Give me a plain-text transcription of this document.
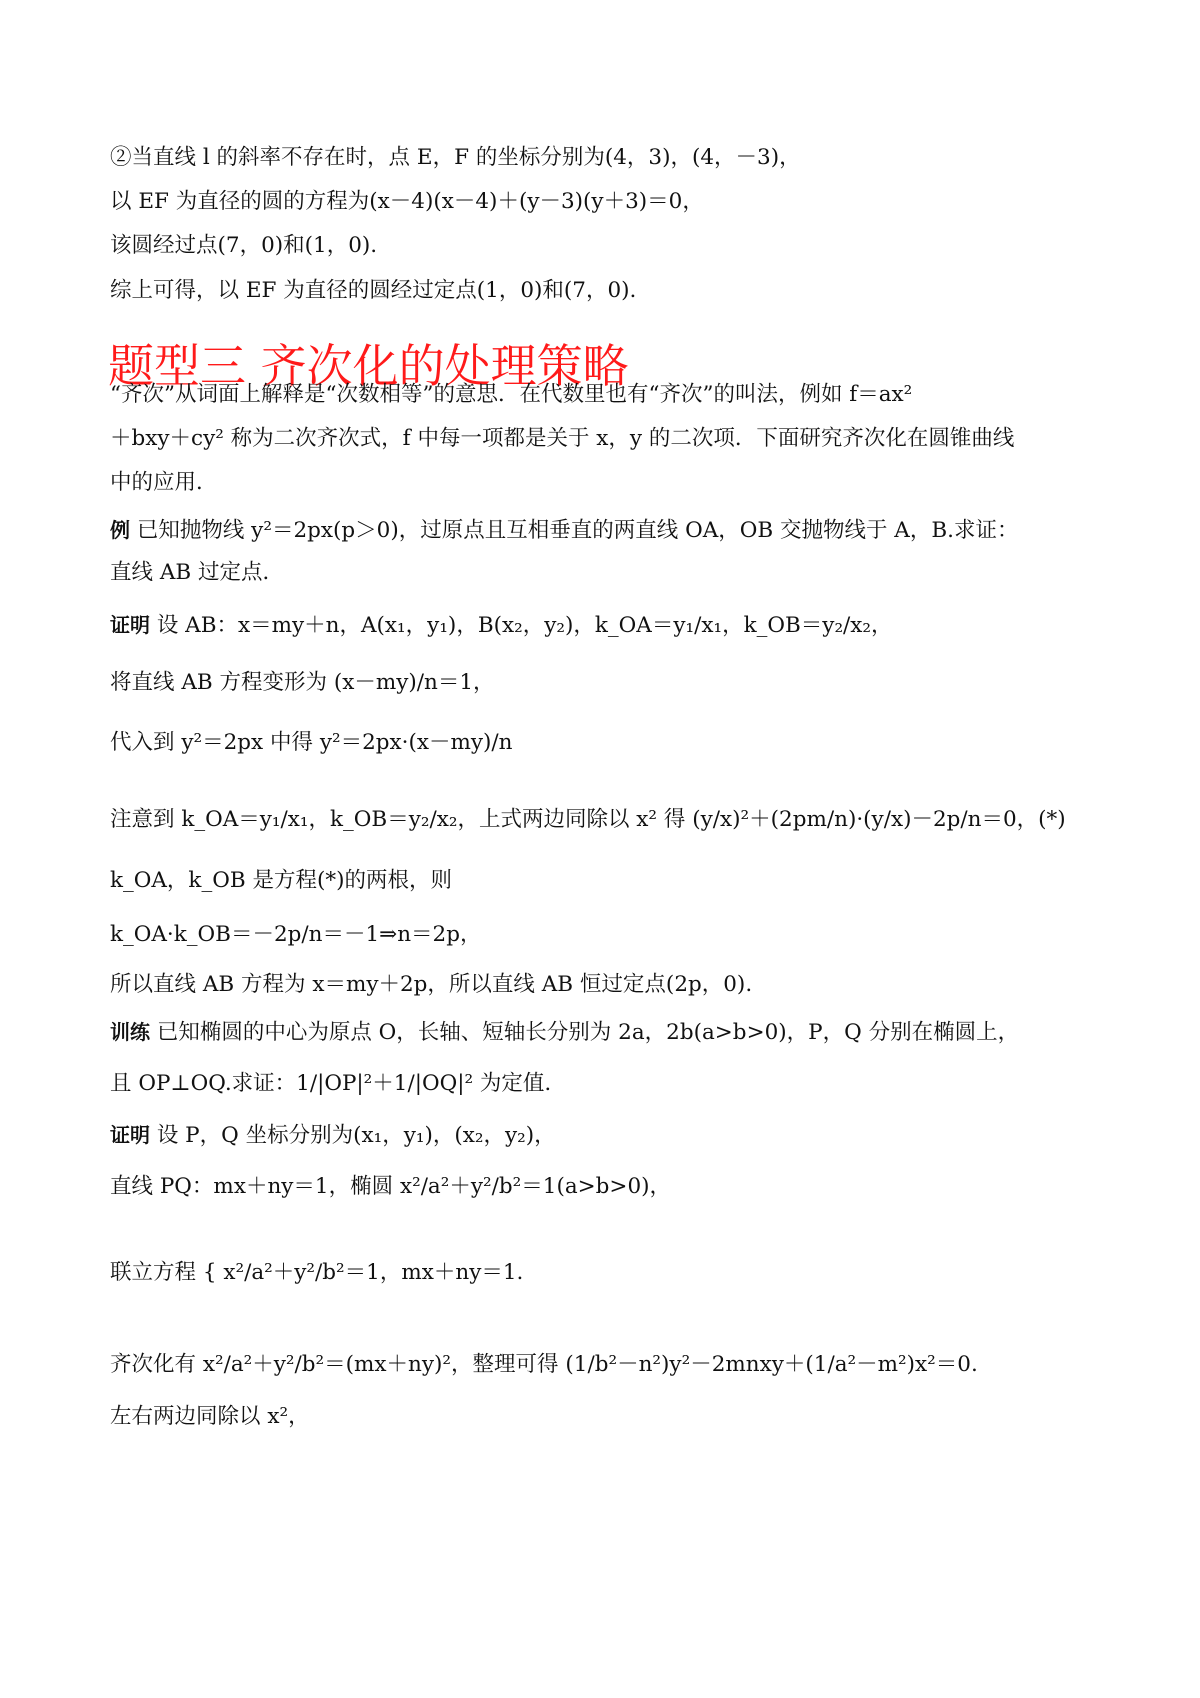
②当直线 l 的斜率不存在时，点 E，F 的坐标分别为(4，3)，(4，－3)，
以 EF 为直径的圆的方程为(x－4)(x－4)＋(y－3)(y＋3)＝0，
该圆经过点(7，0)和(1，0).
综上可得，以 EF 为直径的圆经过定点(1，0)和(7，0).
题型三 齐次化的处理策略
“齐次”从词面上解释是“次数相等”的意思．在代数里也有“齐次”的叫法，例如 f＝ax²
＋bxy＋cy² 称为二次齐次式，f 中每一项都是关于 x，y 的二次项．下面研究齐次化在圆锥曲线
中的应用．
例 已知抛物线 y²＝2px(p＞0)，过原点且互相垂直的两直线 OA，OB 交抛物线于 A，B.求证：
直线 AB 过定点．
证明 设 AB：x＝my＋n，A(x₁，y₁)，B(x₂，y₂)，k_OA＝y₁/x₁，k_OB＝y₂/x₂，
将直线 AB 方程变形为 (x－my)/n＝1，
代入到 y²＝2px 中得 y²＝2px·(x－my)/n
注意到 k_OA＝y₁/x₁，k_OB＝y₂/x₂，上式两边同除以 x² 得 (y/x)²＋(2pm/n)·(y/x)－2p/n＝0，(*)
k_OA，k_OB 是方程(*)的两根，则
k_OA·k_OB＝－2p/n＝－1⇒n＝2p，
所以直线 AB 方程为 x＝my＋2p，所以直线 AB 恒过定点(2p，0).
训练 已知椭圆的中心为原点 O，长轴、短轴长分别为 2a，2b(a>b>0)，P，Q 分别在椭圆上，
且 OP⊥OQ.求证：1/|OP|²＋1/|OQ|² 为定值.
证明 设 P，Q 坐标分别为(x₁，y₁)，(x₂，y₂)，
直线 PQ：mx＋ny＝1，椭圆 x²/a²＋y²/b²＝1(a>b>0)，
联立方程 { x²/a²＋y²/b²＝1，mx＋ny＝1.
齐次化有 x²/a²＋y²/b²＝(mx＋ny)²，整理可得 (1/b²－n²)y²－2mnxy＋(1/a²－m²)x²＝0.
左右两边同除以 x²，
